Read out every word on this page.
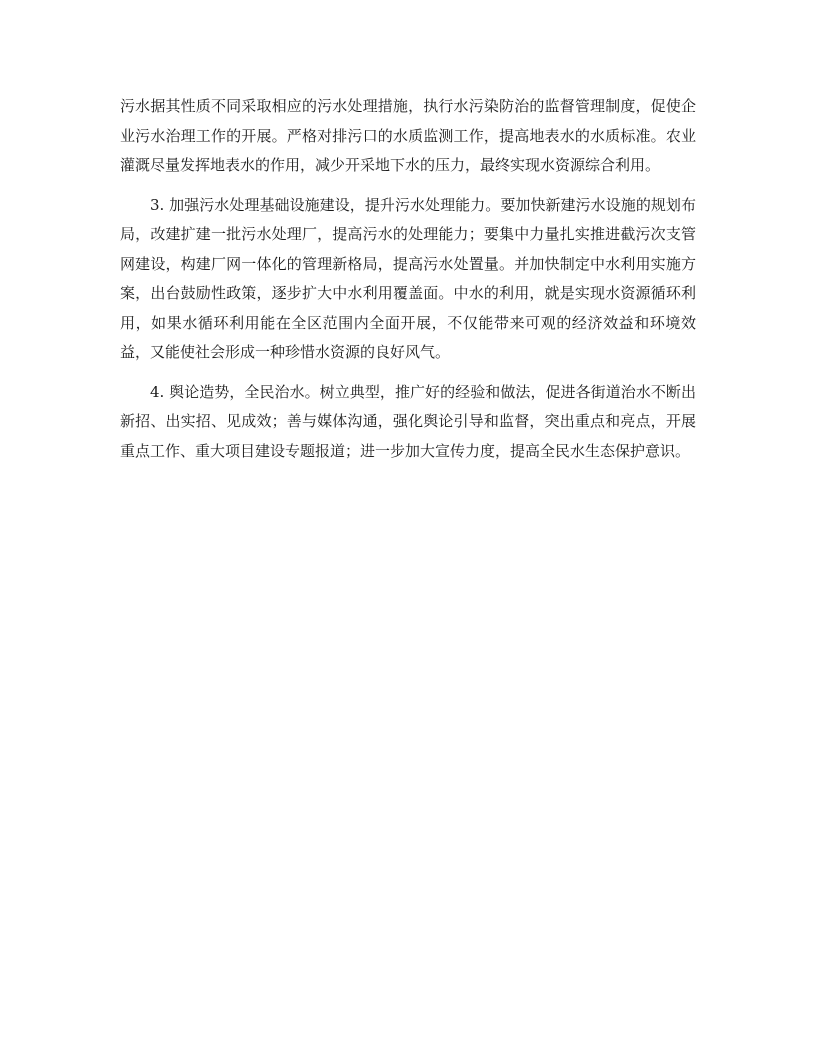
污水据其性质不同采取相应的污水处理措施，执行水污染防治的监督管理制度，促使企业污水治理工作的开展。严格对排污口的水质监测工作，提高地表水的水质标准。农业灌溉尽量发挥地表水的作用，减少开采地下水的压力，最终实现水资源综合利用。

3. 加强污水处理基础设施建设，提升污水处理能力。要加快新建污水设施的规划布局，改建扩建一批污水处理厂，提高污水的处理能力；要集中力量扎实推进截污次支管网建设，构建厂网一体化的管理新格局，提高污水处置量。并加快制定中水利用实施方案，出台鼓励性政策，逐步扩大中水利用覆盖面。中水的利用，就是实现水资源循环利用，如果水循环利用能在全区范围内全面开展，不仅能带来可观的经济效益和环境效益，又能使社会形成一种珍惜水资源的良好风气。

4. 舆论造势，全民治水。树立典型，推广好的经验和做法，促进各街道治水不断出新招、出实招、见成效；善与媒体沟通，强化舆论引导和监督，突出重点和亮点，开展重点工作、重大项目建设专题报道；进一步加大宣传力度，提高全民水生态保护意识。
